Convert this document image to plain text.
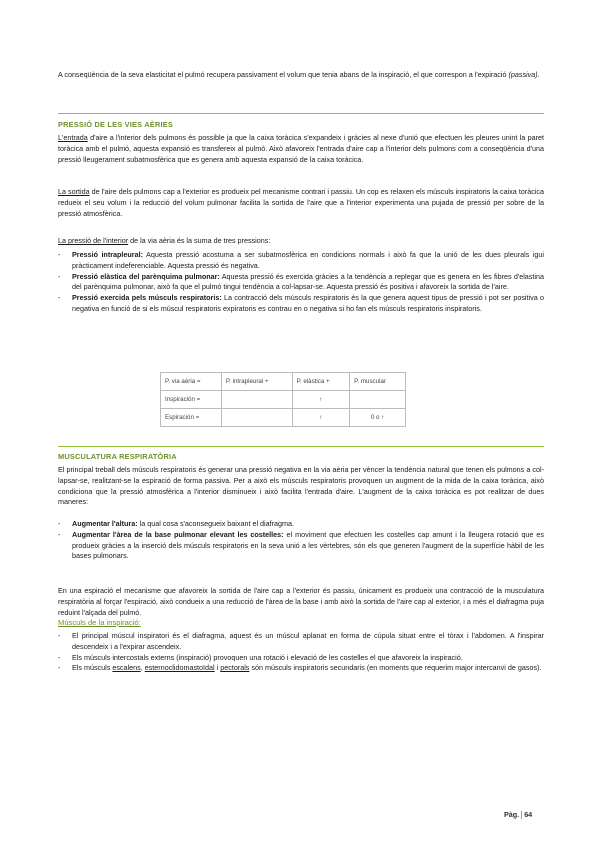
A conseqüència de la seva elasticitat el pulmó recupera passivament el volum que tenia abans de la inspiració, el que correspon a l'expiració (passiva).

PRESSIÓ DE LES VIES AÈRIES

L'entrada d'aire a l'interior dels pulmons és possible ja que la caixa toràcica s'expandeix i gràcies al nexe d'unió que efectuen les pleures unint la paret toràcica amb el pulmó, aquesta expansió es transfereix al pulmó. Això afavoreix l'entrada d'aire cap a l'interior dels pulmons com a conseqüència d'una pressió lleugerament subatmosfèrica que es genera amb aquesta expansió de la caixa toràcica.

La sortida de l'aire dels pulmons cap a l'exterior es produeix pel mecanisme contrari i passiu. Un cop es relaxen els músculs inspiratoris la caixa toràcica redueix el seu volum i la reducció del volum pulmonar facilita la sortida de l'aire que a l'interior experimenta una pujada de pressió per sobre de la pressió atmosfèrica.

La pressió de l'interior de la via aèria és la suma de tres pressions:

- Pressió intrapleural: Aquesta pressió acostuma a ser subatmosfèrica en condicions normals i això fa que la unió de les dues pleurals igui pràcticament indeferenciable. Aquesta pressió és negativa.
- Pressió elàstica del parènquima pulmonar: Aquesta pressió és exercida gràcies a la tendència a replegar que es genera en les fibres d'elastina del parènquima pulmonar, això fa que el pulmó tingui tendència a col-lapsar-se. Aquesta pressió és positiva i afavoreix la sortida de l'aire.
- Pressió exercida pels músculs respiratoris: La contracció dels músculs respiratoris és la que genera aquest tipus de pressió i pot ser positiva o negativa en funció de si els múscul respiratoris expiratoris es contrau en o negativa si ho fan els músculs respiratoris inspiratoris.
P. via aèria =	P. intrapleural +	P. elàstica +	P. muscular
Inspiración =		↑	
Espiración =		↑	0 o ↑
MUSCULATURA RESPIRATÒRIA

El principal treball dels músculs respiratoris és generar una pressió negativa en la via aèria per vèncer la tendència natural que tenen els pulmons a col-lapsar-se, realitzant-se la espiració de forma passiva. Per a això els músculs respiratoris provoquen un augment de la mida de la caixa toràcica, això condiciona que la pressió atmosfèrica a l'interior disminueix i això facilita l'entrada d'aire. L'augment de la caixa toràcica es pot realitzar de dues maneres:

- Augmentar l'altura: la qual cosa s'aconsegueix baixant el diafragma.
- Augmentar l'àrea de la base pulmonar elevant les costelles: el moviment que efectuen les costelles cap amunt i la lleugera rotació que es produeix gràcies a la inserció dels músculs respiratoris en la seva unió a les vèrtebres, són els que generen l'augment de la superfície hàbil de les bases pulmonars.

En una espiració el mecanisme que afavoreix la sortida de l'aire cap a l'exterior és passiu, únicament es produeix una contracció de la musculatura respiratòria al forçar l'espiració, això condueix a una reducció de l'àrea de la base i amb això la sortida de l'aire cap al exterior, i a més el diafragma puja reduint l'alçada del pulmó.

Músculs de la inspiració:
- El principal múscul inspiratori és el diafragma, aquest és un múscul aplanat en forma de cúpula situat entre el tòrax i l'abdomen. A l'inspirar descendeix i a l'expirar ascendeix.
- Els músculs intercostals externs (inspiració) provoquen una rotació i elevació de les costelles el que afavoreix la inspiració.
- Els músculs escalens, esternoclidomastoïdal i pectorals són músculs inspiratoris secundaris (en moments que requerim major intercanvi de gasos).
Pàg. 64
